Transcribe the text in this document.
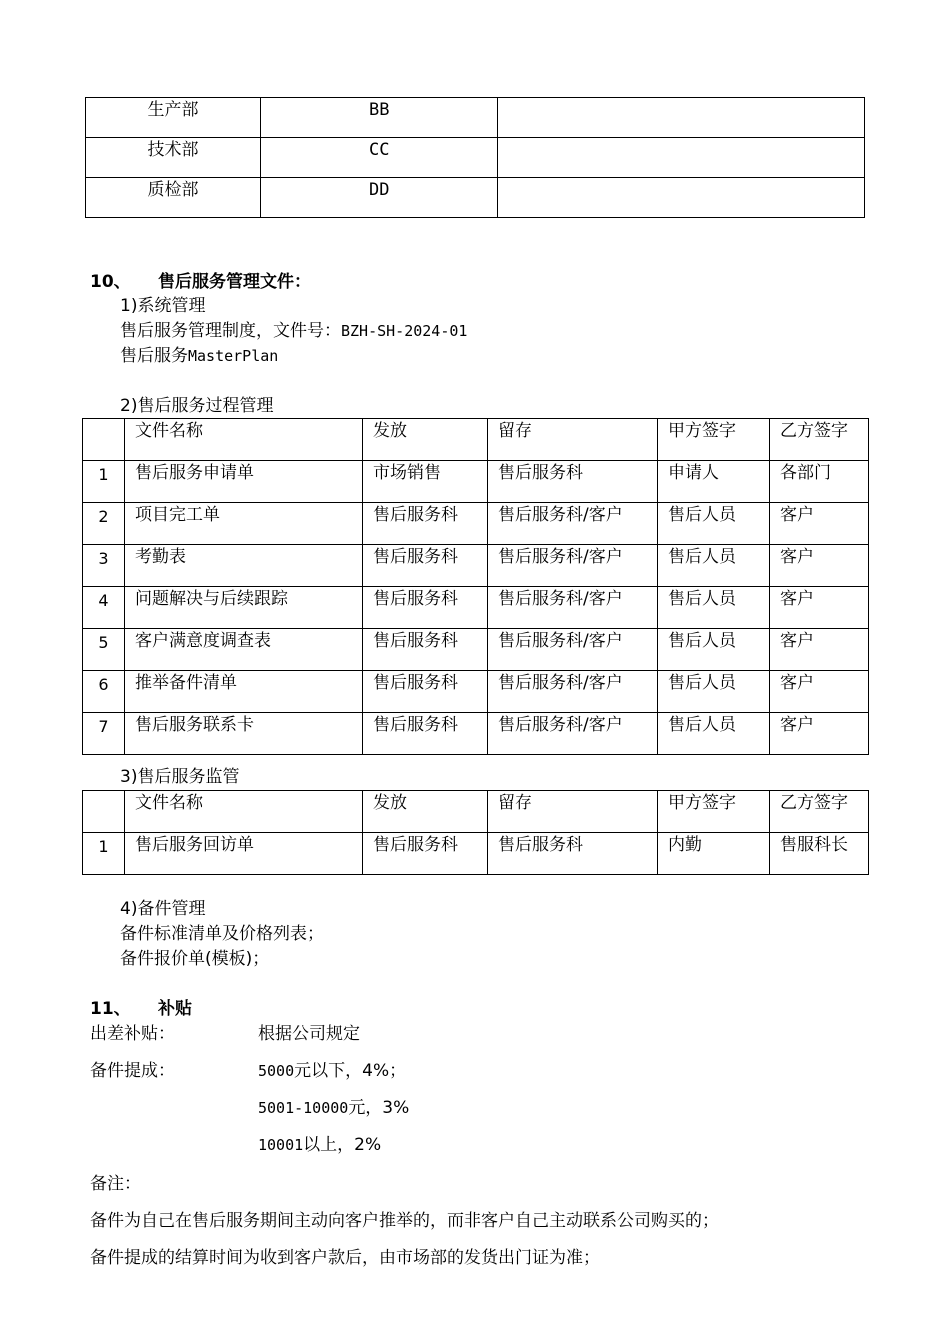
生产部	BB	
技术部	CC	
质检部	DD	
10、 售后服务管理文件：
1)系统管理
售后服务管理制度，文件号：BZH-SH-2024-01
售后服务MasterPlan
2)售后服务过程管理
	文件名称	发放	留存	甲方签字	乙方签字
1	售后服务申请单	市场销售	售后服务科	申请人	各部门
2	项目完工单	售后服务科	售后服务科/客户	售后人员	客户
3	考勤表	售后服务科	售后服务科/客户	售后人员	客户
4	问题解决与后续跟踪	售后服务科	售后服务科/客户	售后人员	客户
5	客户满意度调查表	售后服务科	售后服务科/客户	售后人员	客户
6	推举备件清单	售后服务科	售后服务科/客户	售后人员	客户
7	售后服务联系卡	售后服务科	售后服务科/客户	售后人员	客户
3)售后服务监管
	文件名称	发放	留存	甲方签字	乙方签字
1	售后服务回访单	售后服务科	售后服务科	内勤	售服科长
4)备件管理
备件标准清单及价格列表；
备件报价单(模板)；
11、 补贴
出差补贴：	根据公司规定
备件提成：	5000元以下，4%；
5001-10000元，3%
10001以上，2%
备注：
备件为自己在售后服务期间主动向客户推举的，而非客户自己主动联系公司购买的；
备件提成的结算时间为收到客户款后，由市场部的发货出门证为准；
